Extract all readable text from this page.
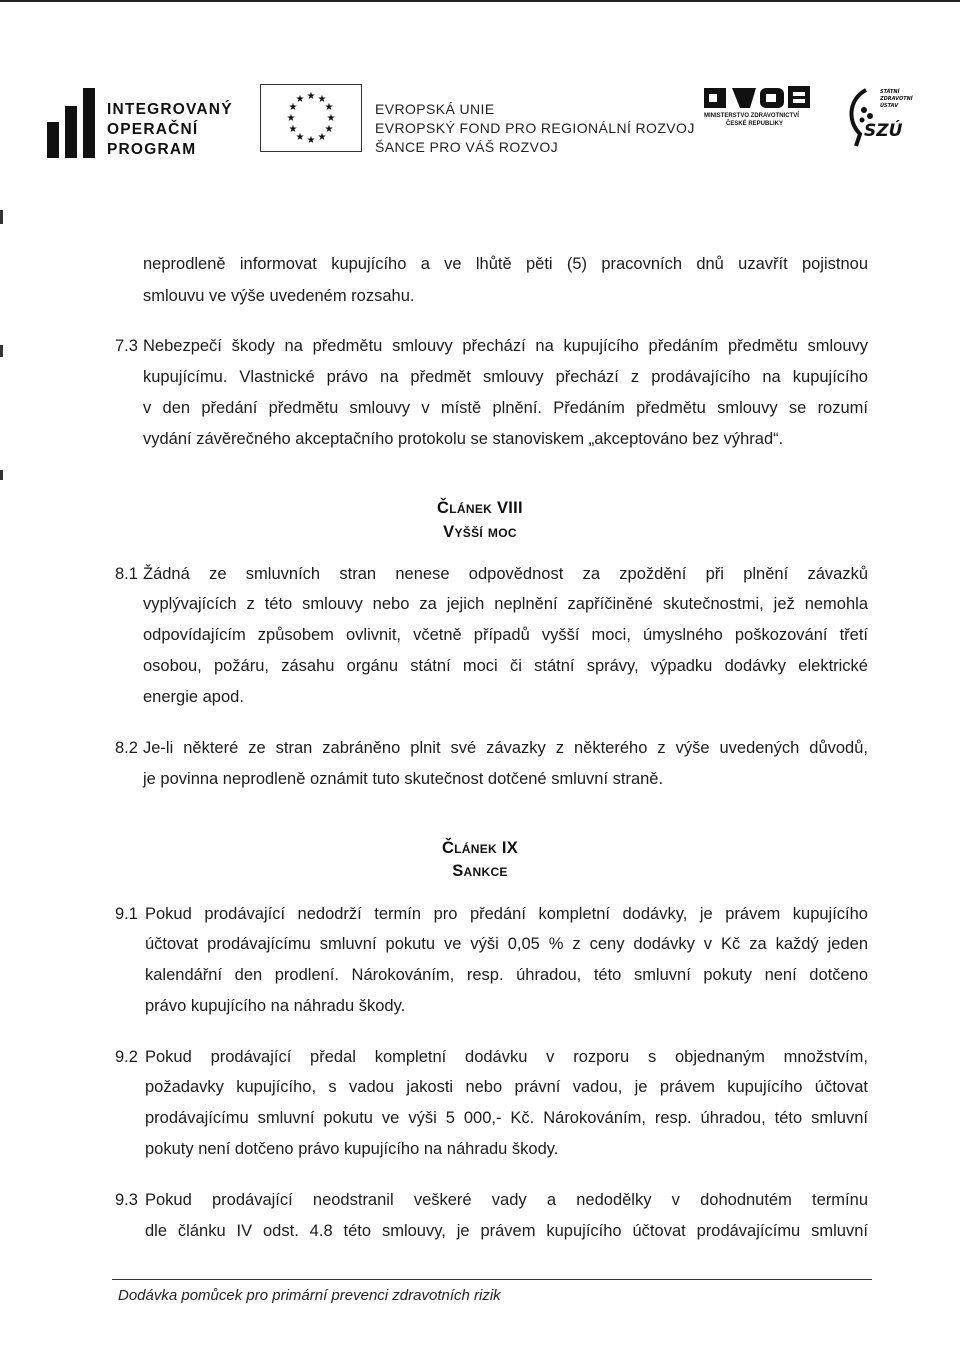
INTEGROVANÝ
OPERAČNÍ
PROGRAM
★ ★
★
★
★
★
★
★
★
★
★
★
EVROPSKÁ UNIE
EVROPSKÝ FOND PRO REGIONÁLNÍ ROZVOJ
ŠANCE PRO VÁŠ ROZVOJ
MINISTERSTVO ZDRAVOTNICTVÍ
ČESKÉ REPUBLIKY
STÁTNÍ
ZDRAVOTNÍ
ÚSTAV
SZÚ
neprodleně informovat kupujícího a ve lhůtě pěti (5) pracovních dnů uzavřít pojistnou
smlouvu ve výše uvedeném rozsahu.
7.3 Nebezpečí škody na předmětu smlouvy přechází na kupujícího předáním předmětu smlouvy
kupujícímu. Vlastnické právo na předmět smlouvy přechází z prodávajícího na kupujícího
v den předání předmětu smlouvy v místě plnění. Předáním předmětu smlouvy se rozumí
vydání závěrečného akceptačního protokolu se stanoviskem „akceptováno bez výhrad“.
Článek VIII
Vyšší moc
8.1 Žádná ze smluvních stran nenese odpovědnost za zpoždění při plnění závazků
vyplývajících z této smlouvy nebo za jejich neplnění zapříčiněné skutečnostmi, jež nemohla
odpovídajícím způsobem ovlivnit, včetně případů vyšší moci, úmyslného poškozování třetí
osobou, požáru, zásahu orgánu státní moci či státní správy, výpadku dodávky elektrické
energie apod.
8.2 Je-li některé ze stran zabráněno plnit své závazky z některého z výše uvedených důvodů,
je povinna neprodleně oznámit tuto skutečnost dotčené smluvní straně.
Článek IX
Sankce
9.1 Pokud prodávající nedodrží termín pro předání kompletní dodávky, je právem kupujícího
účtovat prodávajícímu smluvní pokutu ve výši 0,05 % z ceny dodávky v Kč za každý jeden
kalendářní den prodlení. Nárokováním, resp. úhradou, této smluvní pokuty není dotčeno
právo kupujícího na náhradu škody.
9.2 Pokud prodávající předal kompletní dodávku v rozporu s objednaným množstvím,
požadavky kupujícího, s vadou jakosti nebo právní vadou, je právem kupujícího účtovat
prodávajícímu smluvní pokutu ve výši 5 000,- Kč. Nárokováním, resp. úhradou, této smluvní
pokuty není dotčeno právo kupujícího na náhradu škody.
9.3 Pokud prodávající neodstranil veškeré vady a nedodělky v dohodnutém termínu
dle článku IV odst. 4.8 této smlouvy, je právem kupujícího účtovat prodávajícímu smluvní
Dodávka pomůcek pro primární prevenci zdravotních rizik
